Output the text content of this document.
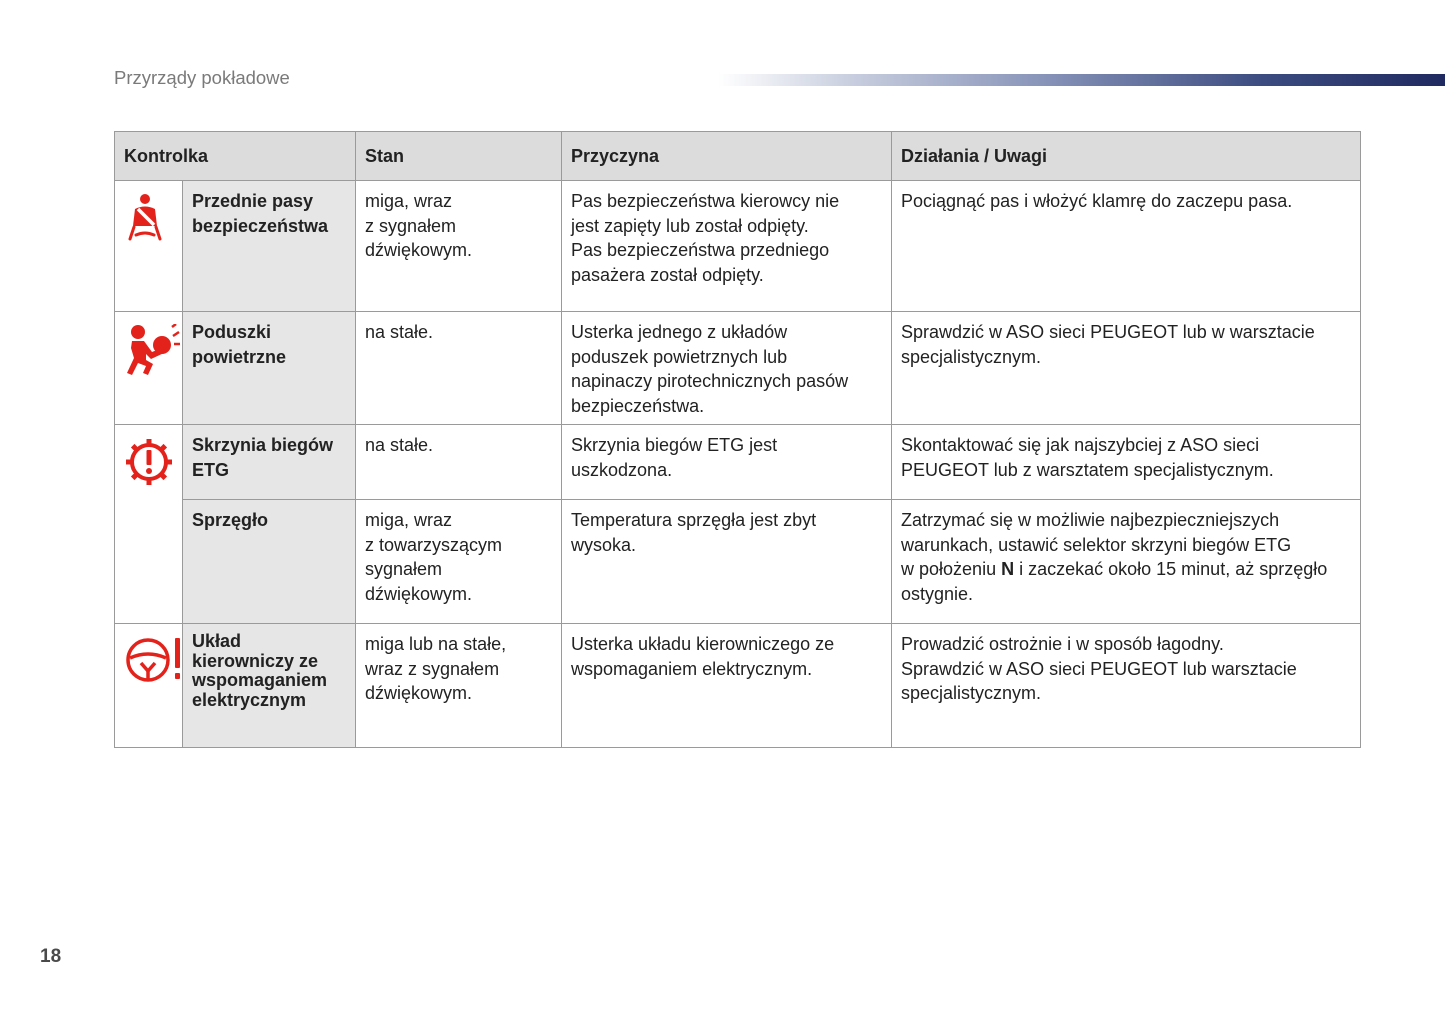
Przyrządy pokładowe
Kontrolka		Stan	Przyczyna	Działania / Uwagi

Przednie pasy
bezpieczeństwa	miga, wraz
z sygnałem
dźwiękowym.	Pas bezpieczeństwa kierowcy nie
jest zapięty lub został odpięty.
Pas bezpieczeństwa przedniego
pasażera został odpięty.	Pociągnąć pas i włożyć klamrę do zaczepu pasa.

Poduszki
powietrzne	na stałe.	Usterka jednego z układów
poduszek powietrznych lub
napinaczy pirotechnicznych pasów
bezpieczeństwa.	Sprawdzić w ASO sieci PEUGEOT lub w warsztacie
specjalistycznym.

Skrzynia biegów
ETG	na stałe.	Skrzynia biegów ETG jest
uszkodzona.	Skontaktować się jak najszybciej z ASO sieci
PEUGEOT lub z warsztatem specjalistycznym.

	Sprzęgło	miga, wraz
z towarzyszącym
sygnałem
dźwiękowym.	Temperatura sprzęgła jest zbyt
wysoka.	Zatrzymać się w możliwie najbezpieczniejszych
warunkach, ustawić selektor skrzyni biegów ETG
w położeniu N i zaczekać około 15 minut, aż sprzęgło
ostygnie.

Układ
kierowniczy ze
wspomaganiem
elektrycznym	miga lub na stałe,
wraz z sygnałem
dźwiękowym.	Usterka układu kierowniczego ze
wspomaganiem elektrycznym.	Prowadzić ostrożnie i w sposób łagodny.
Sprawdzić w ASO sieci PEUGEOT lub warsztacie
specjalistycznym.
18
